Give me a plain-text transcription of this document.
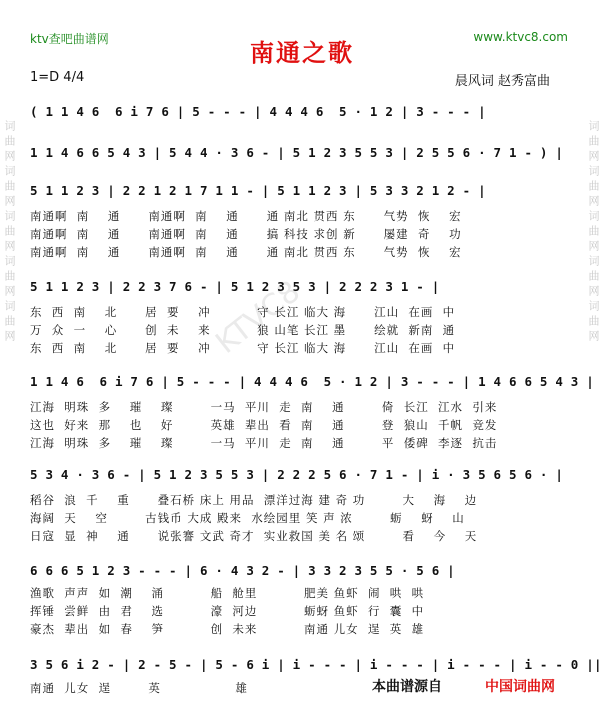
词曲网词曲网词曲网词曲网词曲网	词曲网词曲网词曲网词曲网词曲网
KTVC8
ktv查吧曲谱网	www.ktvc8.com
南通之歌
1=D 4/4	晨风词 赵秀富曲
( 1 1 4 6  6 i 7 6 | 5 - - - | 4 4 4 6  5 · 1 2 | 3 - - - |
1 1 4 6 6 5 4 3 | 5 4 4 · 3 6 - | 5 1 2 3 5 5 3 | 2 5 5 6 · 7 1 - ) |
5 1 1 2 3 | 2 2 1 2 1 7 1 1 - | 5 1 1 2 3 | 5 3 3 2 1 2 - |
南通啊  南    通      南通啊  南    通      通 南北 贯西 东      气势  恢    宏
南通啊  南    通      南通啊  南    通      搞 科技 求创 新      屡建  奇    功
南通啊  南    通      南通啊  南    通      通 南北 贯西 东      气势  恢    宏
5 1 1 2 3 | 2 2 3 7 6 - | 5 1 2 3 5 3 | 2 2 2 3 1 - |
东  西  南    北      居  要    冲          守 长江 临大 海      江山  在画  中
万  众  一    心      创  未    来          狼 山笔 长江 墨      绘就  新南  通
东  西  南    北      居  要    冲          守 长江 临大 海      江山  在画  中
1 1 4 6  6 i 7 6 | 5 - - - | 4 4 4 6  5 · 1 2 | 3 - - - | 1 4 6 6 5 4 3 |
江海  明珠  多    璀    璨        一马  平川  走  南    通        倚  长江  江水  引来
这也  好来  那    也    好        英雄  辈出  看  南    通        登  狼山  千帆  竞发
江海  明珠  多    璀    璨        一马  平川  走  南    通        平  倭碑  李逐  抗击
5 3 4 · 3 6 - | 5 1 2 3 5 5 3 | 2 2 2 5 6 · 7 1 - | i · 3 5 6 5 6 · |
稻谷  浪  千    重      叠石桥 床上 用品  漂洋过海 建 奇 功        大    海    边
海阔  天    空        古钱币 大成 殿来  水绘园里 笑 声 浓        蛎    蚜    山
日寇  显  神    通      说张謇 文武 奇才  实业救国 美 名 颂        看    今    天
6 6 6 5 1 2 3 - - - | 6 · 4 3 2 - | 3 3 2 3 5 5 · 5 6 |
渔歌  声声  如  潮    涌          船  舱里          肥美 鱼虾  闹  哄  哄
挥锤  尝鲜  由  君    选          濠  河边          蛎蚜 鱼虾  行  囊  中
豪杰  辈出  如  春    笋          创  未来          南通 儿女  逞  英  雄
3 5 6 i 2 - | 2 - 5 - | 5 - 6 i | i - - - | i - - - | i - - - | i - - 0 ||
南通  儿女  逞        英                雄	本曲谱源自	中国词曲网
